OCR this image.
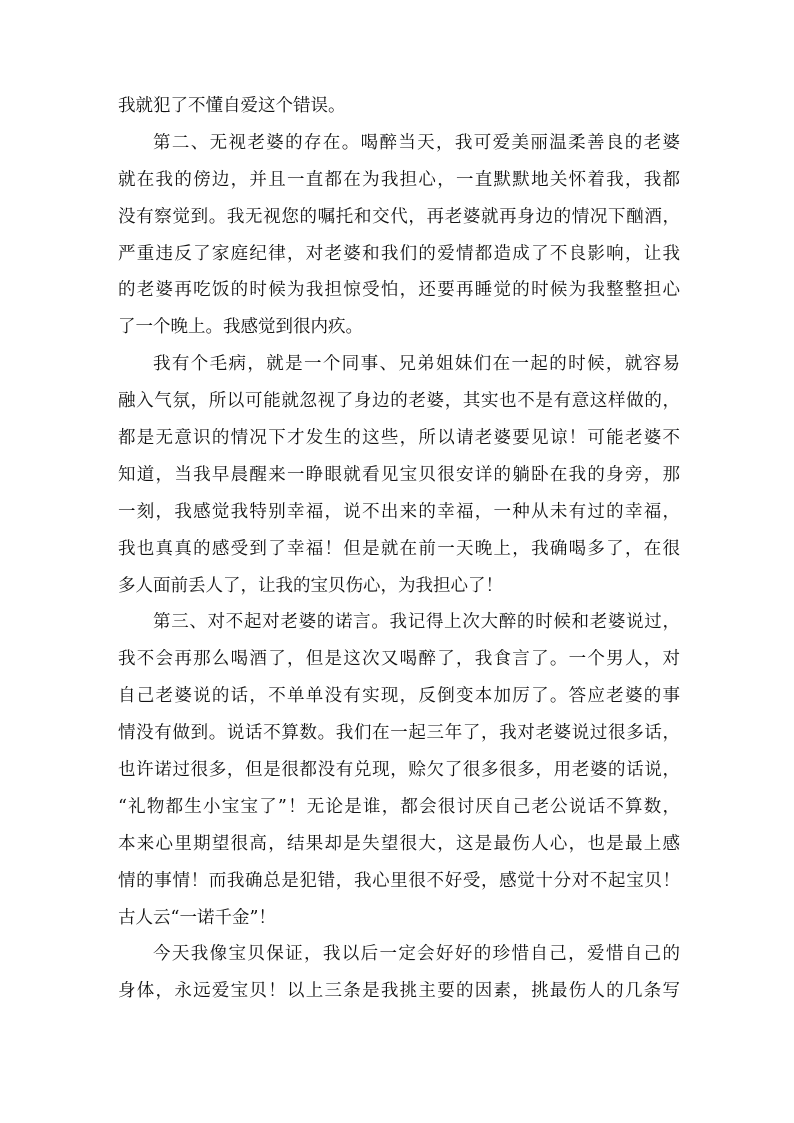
我就犯了不懂自爱这个错误。
第二、无视老婆的存在。喝醉当天，我可爱美丽温柔善良的老婆
就在我的傍边，并且一直都在为我担心，一直默默地关怀着我，我都
没有察觉到。我无视您的嘱托和交代，再老婆就再身边的情况下酗酒，
严重违反了家庭纪律，对老婆和我们的爱情都造成了不良影响，让我
的老婆再吃饭的时候为我担惊受怕，还要再睡觉的时候为我整整担心
了一个晚上。我感觉到很内疚。
我有个毛病，就是一个同事、兄弟姐妹们在一起的时候，就容易
融入气氛，所以可能就忽视了身边的老婆，其实也不是有意这样做的，
都是无意识的情况下才发生的这些，所以请老婆要见谅！可能老婆不
知道，当我早晨醒来一睁眼就看见宝贝很安详的躺卧在我的身旁，那
一刻，我感觉我特别幸福，说不出来的幸福，一种从未有过的幸福，
我也真真的感受到了幸福！但是就在前一天晚上，我确喝多了，在很
多人面前丢人了，让我的宝贝伤心，为我担心了！
第三、对不起对老婆的诺言。我记得上次大醉的时候和老婆说过，
我不会再那么喝酒了，但是这次又喝醉了，我食言了。一个男人，对
自己老婆说的话，不单单没有实现，反倒变本加厉了。答应老婆的事
情没有做到。说话不算数。我们在一起三年了，我对老婆说过很多话，
也许诺过很多，但是很都没有兑现，赊欠了很多很多，用老婆的话说，
“礼物都生小宝宝了”！无论是谁，都会很讨厌自己老公说话不算数，
本来心里期望很高，结果却是失望很大，这是最伤人心，也是最上感
情的事情！而我确总是犯错，我心里很不好受，感觉十分对不起宝贝！
古人云“一诺千金”！
今天我像宝贝保证，我以后一定会好好的珍惜自己，爱惜自己的
身体，永远爱宝贝！以上三条是我挑主要的因素，挑最伤人的几条写
